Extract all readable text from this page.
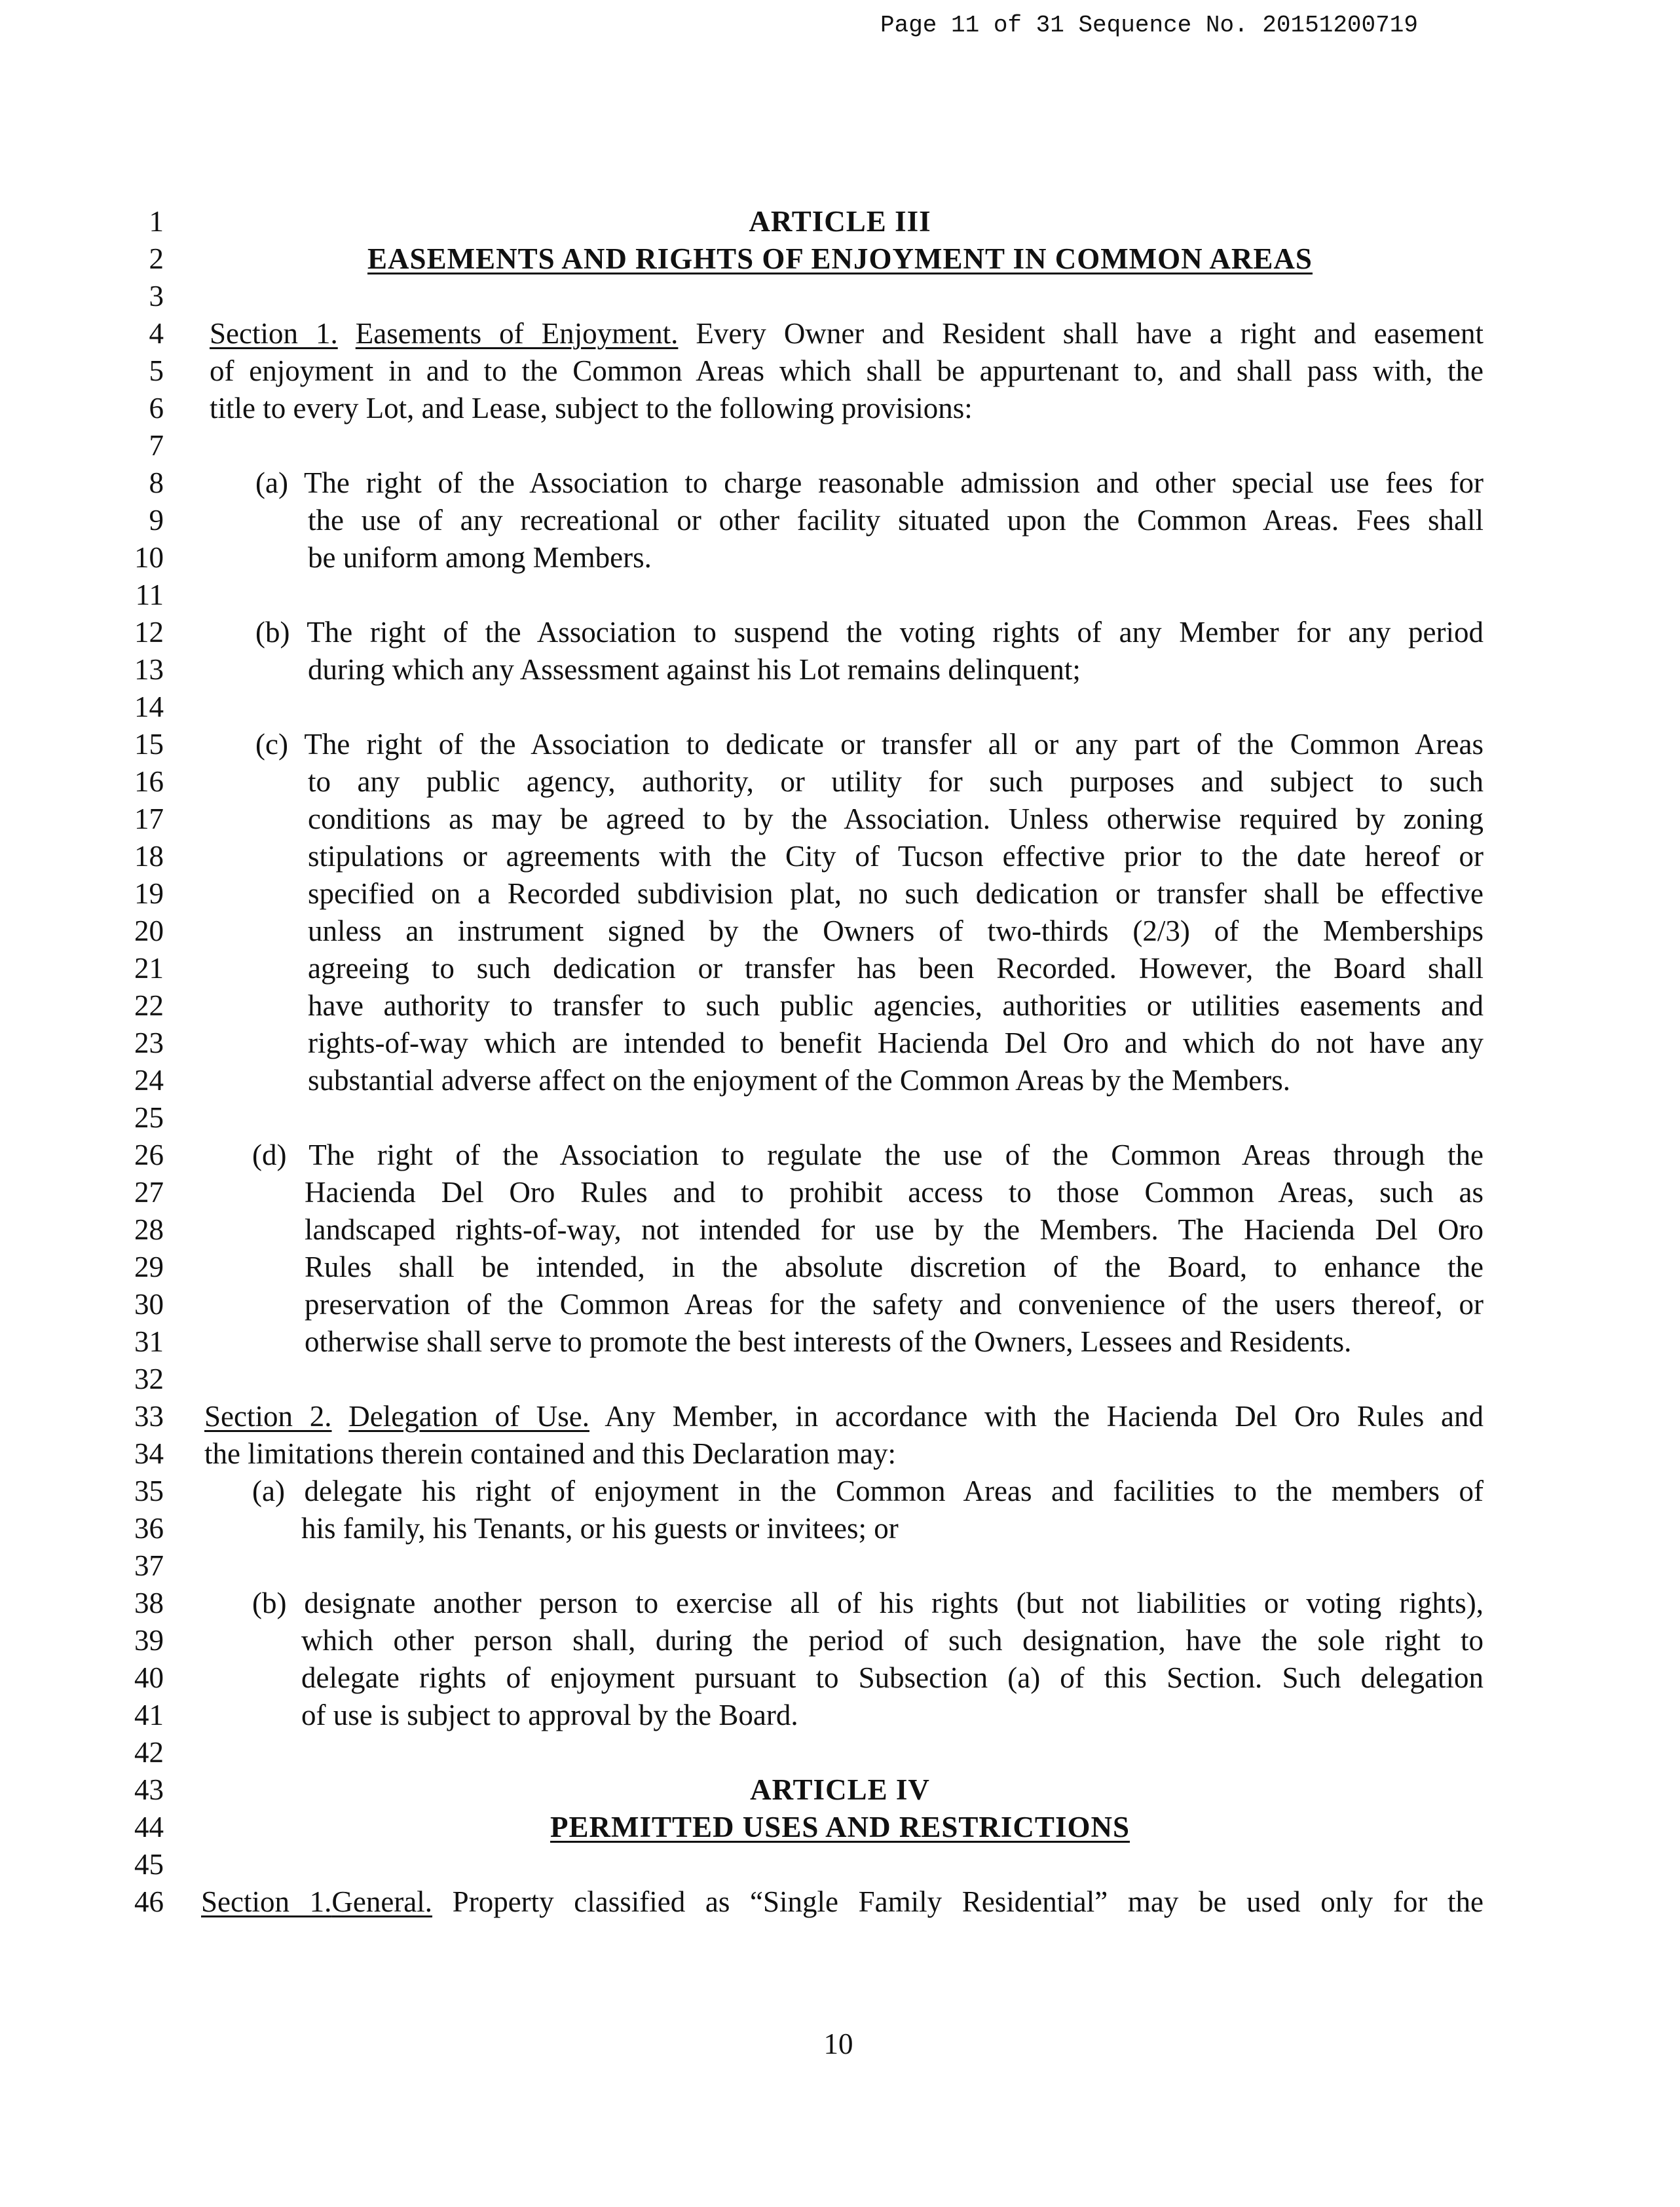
Page 11 of 31 Sequence No. 20151200719
1
2
3
4
5
6
7
8
9
10
11
12
13
14
15
16
17
18
19
20
21
22
23
24
25
26
27
28
29
30
31
32
33
34
35
36
37
38
39
40
41
42
43
44
45
46
ARTICLE III
EASEMENTS AND RIGHTS OF ENJOYMENT IN COMMON AREAS
Section 1. Easements of Enjoyment. Every Owner and Resident shall have a right and easement
of enjoyment in and to the Common Areas which shall be appurtenant to, and shall pass with, the
title to every Lot, and Lease, subject to the following provisions:
(a) The right of the Association to charge reasonable admission and other special use fees for
the use of any recreational or other facility situated upon the Common Areas. Fees shall
be uniform among Members.
(b) The right of the Association to suspend the voting rights of any Member for any period
during which any Assessment against his Lot remains delinquent;
(c) The right of the Association to dedicate or transfer all or any part of the Common Areas
to any public agency, authority, or utility for such purposes and subject to such
conditions as may be agreed to by the Association. Unless otherwise required by zoning
stipulations or agreements with the City of Tucson effective prior to the date hereof or
specified on a Recorded subdivision plat, no such dedication or transfer shall be effective
unless an instrument signed by the Owners of two-thirds (2/3) of the Memberships
agreeing to such dedication or transfer has been Recorded. However, the Board shall
have authority to transfer to such public agencies, authorities or utilities easements and
rights-of-way which are intended to benefit Hacienda Del Oro and which do not have any
substantial adverse affect on the enjoyment of the Common Areas by the Members.
(d) The right of the Association to regulate the use of the Common Areas through the
Hacienda Del Oro Rules and to prohibit access to those Common Areas, such as
landscaped rights-of-way, not intended for use by the Members. The Hacienda Del Oro
Rules shall be intended, in the absolute discretion of the Board, to enhance the
preservation of the Common Areas for the safety and convenience of the users thereof, or
otherwise shall serve to promote the best interests of the Owners, Lessees and Residents.
Section 2. Delegation of Use. Any Member, in accordance with the Hacienda Del Oro Rules and
the limitations therein contained and this Declaration may:
(a) delegate his right of enjoyment in the Common Areas and facilities to the members of
his family, his Tenants, or his guests or invitees; or
(b) designate another person to exercise all of his rights (but not liabilities or voting rights),
which other person shall, during the period of such designation, have the sole right to
delegate rights of enjoyment pursuant to Subsection (a) of this Section. Such delegation
of use is subject to approval by the Board.
ARTICLE IV
PERMITTED USES AND RESTRICTIONS
Section 1.General. Property classified as “Single Family Residential” may be used only for the
10
